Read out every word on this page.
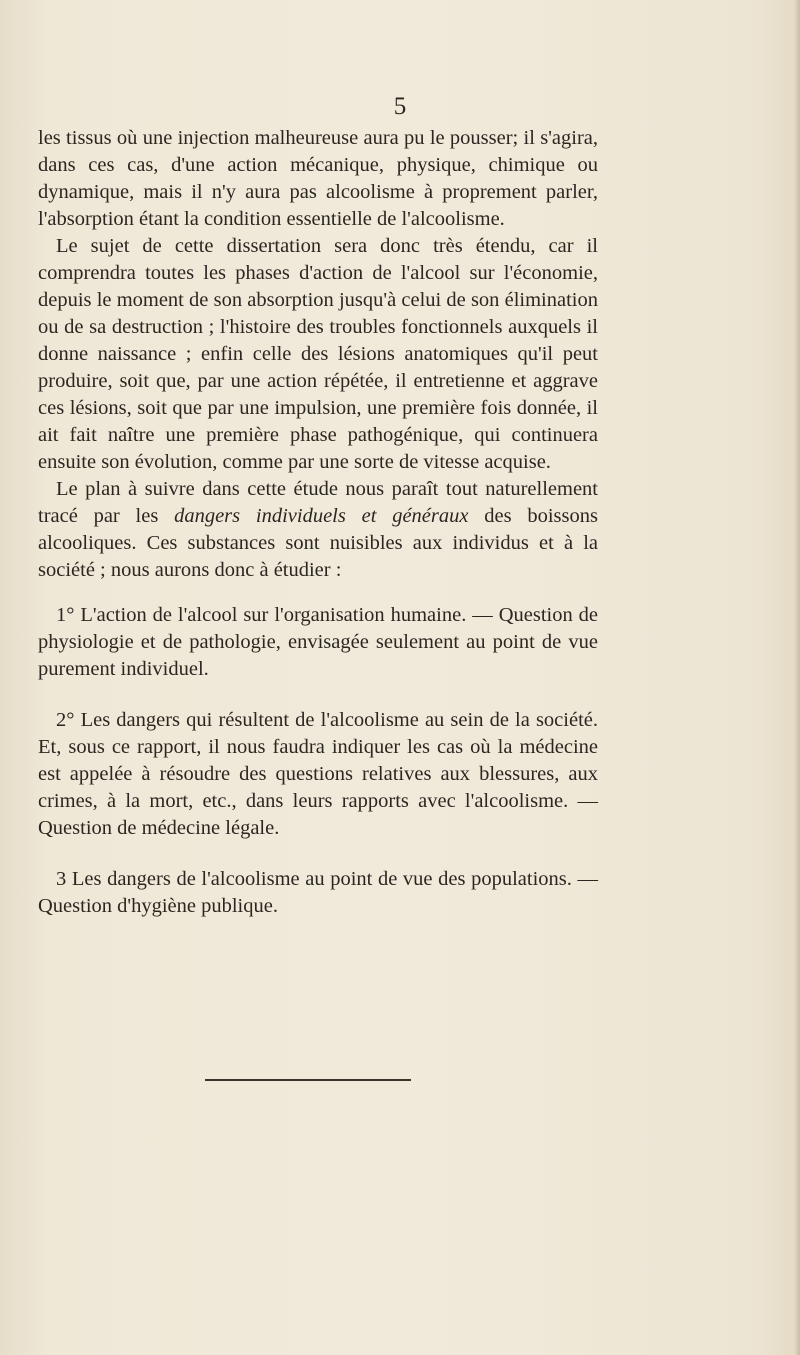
5

les tissus où une injection malheureuse aura pu le pousser; il s'agira, dans ces cas, d'une action mécanique, physique, chimique ou dynamique, mais il n'y aura pas alcoolisme à proprement parler, l'absorption étant la condition essentielle de l'alcoolisme.

Le sujet de cette dissertation sera donc très étendu, car il comprendra toutes les phases d'action de l'alcool sur l'économie, depuis le moment de son absorption jusqu'à celui de son élimination ou de sa destruction ; l'histoire des troubles fonctionnels auxquels il donne naissance ; enfin celle des lésions anatomiques qu'il peut produire, soit que, par une action répétée, il entretienne et aggrave ces lésions, soit que par une impulsion, une première fois donnée, il ait fait naître une première phase pathogénique, qui continuera ensuite son évolution, comme par une sorte de vitesse acquise.

Le plan à suivre dans cette étude nous paraît tout naturellement tracé par les dangers individuels et généraux des boissons alcooliques. Ces substances sont nuisibles aux individus et à la société ; nous aurons donc à étudier :

1° L'action de l'alcool sur l'organisation humaine. — Question de physiologie et de pathologie, envisagée seulement au point de vue purement individuel.

2° Les dangers qui résultent de l'alcoolisme au sein de la société. Et, sous ce rapport, il nous faudra indiquer les cas où la médecine est appelée à résoudre des questions relatives aux blessures, aux crimes, à la mort, etc., dans leurs rapports avec l'alcoolisme. — Question de médecine légale.

3 Les dangers de l'alcoolisme au point de vue des populations. — Question d'hygiène publique.
